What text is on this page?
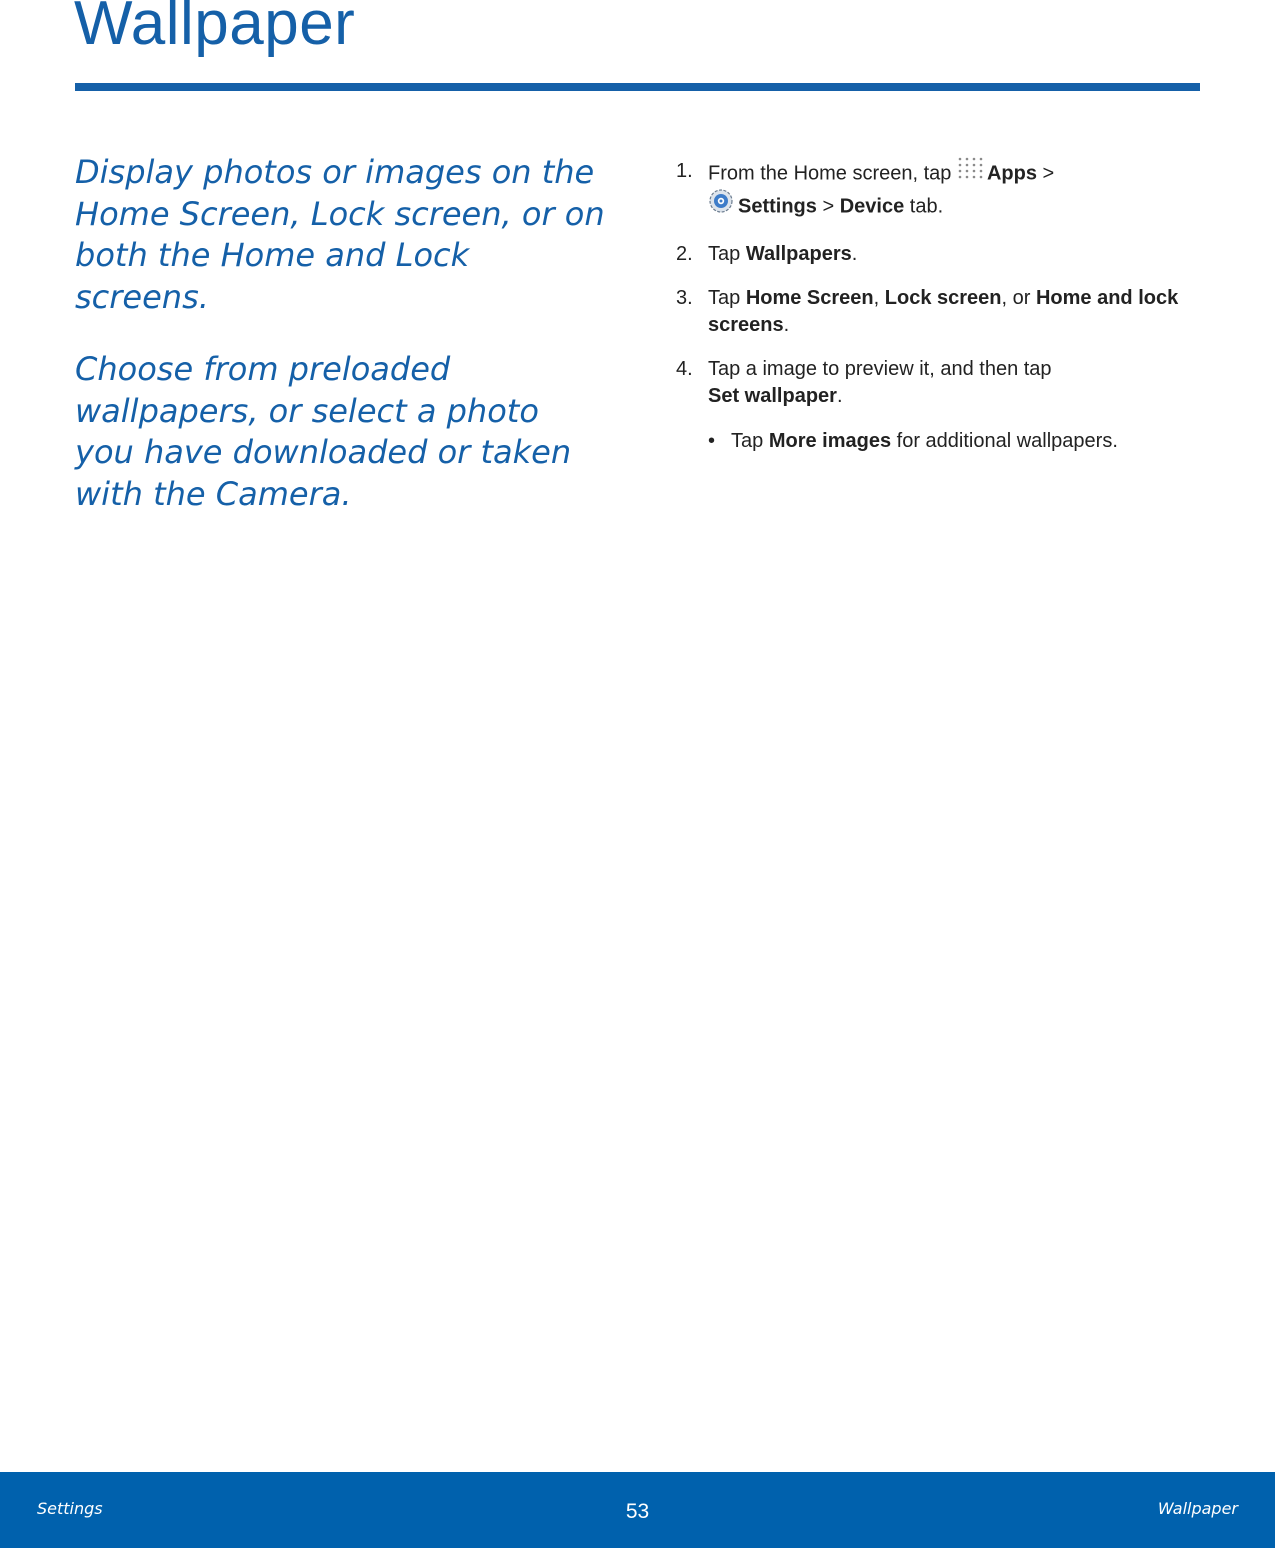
Wallpaper

Display photos or images on the Home Screen, Lock screen, or on both the Home and Lock screens.

Choose from preloaded wallpapers, or select a photo you have downloaded or taken with the Camera.

1. From the Home screen, tap Apps >
Settings > Device tab.
2. Tap Wallpapers.
3. Tap Home Screen, Lock screen, or Home and lock screens.
4. Tap a image to preview it, and then tap
Set wallpaper.
• Tap More images for additional wallpapers.
Settings	53	Wallpaper
